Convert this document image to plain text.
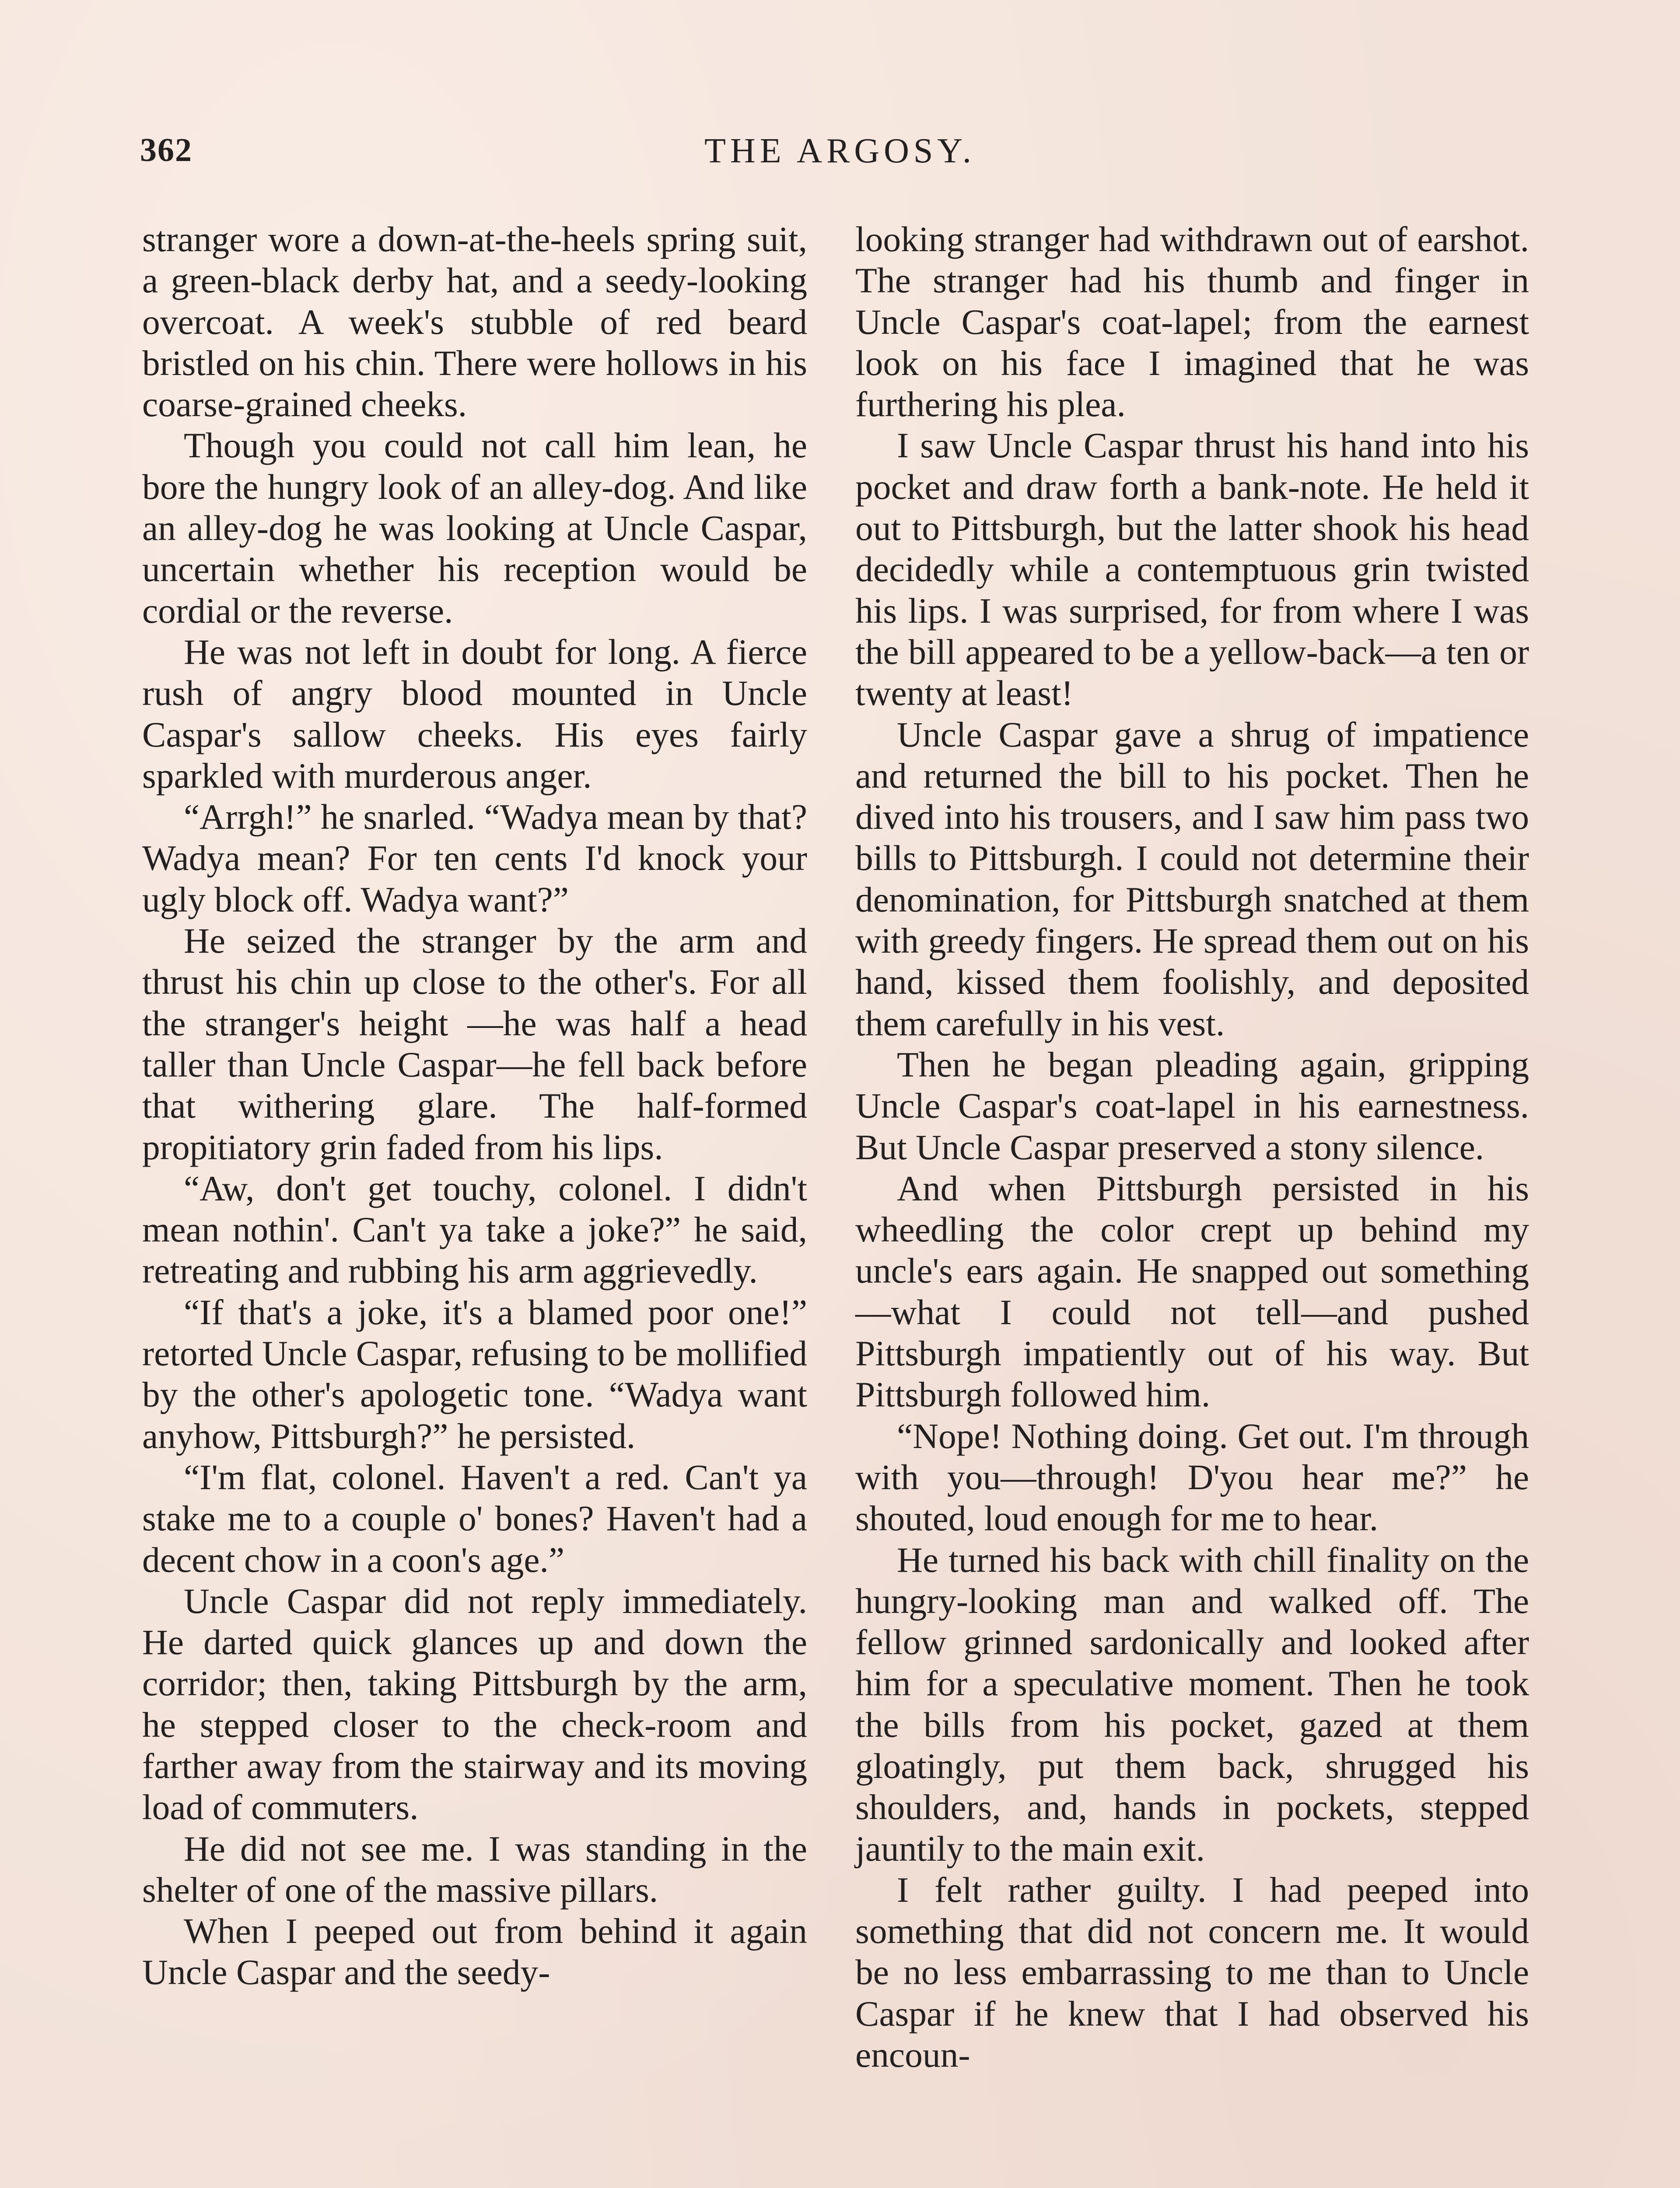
362	THE ARGOSY.

stranger wore a down-at-the-heels spring suit, a green-black derby hat, and a seedy-looking overcoat. A week's stubble of red beard bristled on his chin. There were hollows in his coarse-grained cheeks.

Though you could not call him lean, he bore the hungry look of an alley-dog. And like an alley-dog he was looking at Uncle Caspar, uncertain whether his reception would be cordial or the reverse.

He was not left in doubt for long. A fierce rush of angry blood mounted in Uncle Caspar's sallow cheeks. His eyes fairly sparkled with murderous anger.

“Arrgh!” he snarled. “Wadya mean by that? Wadya mean? For ten cents I'd knock your ugly block off. Wadya want?”

He seized the stranger by the arm and thrust his chin up close to the other's. For all the stranger's height —he was half a head taller than Uncle Caspar—he fell back before that withering glare. The half-formed propitiatory grin faded from his lips.

“Aw, don't get touchy, colonel. I didn't mean nothin'. Can't ya take a joke?” he said, retreating and rubbing his arm aggrievedly.

“If that's a joke, it's a blamed poor one!” retorted Uncle Caspar, refusing to be mollified by the other's apologetic tone. “Wadya want anyhow, Pittsburgh?” he persisted.

“I'm flat, colonel. Haven't a red. Can't ya stake me to a couple o' bones? Haven't had a decent chow in a coon's age.”

Uncle Caspar did not reply immediately. He darted quick glances up and down the corridor; then, taking Pittsburgh by the arm, he stepped closer to the check-room and farther away from the stairway and its moving load of commuters.

He did not see me. I was standing in the shelter of one of the massive pillars.

When I peeped out from behind it again Uncle Caspar and the seedy-

looking stranger had withdrawn out of earshot. The stranger had his thumb and finger in Uncle Caspar's coat-lapel; from the earnest look on his face I imagined that he was furthering his plea.

I saw Uncle Caspar thrust his hand into his pocket and draw forth a bank-note. He held it out to Pittsburgh, but the latter shook his head decidedly while a contemptuous grin twisted his lips. I was surprised, for from where I was the bill appeared to be a yellow-back—a ten or twenty at least!

Uncle Caspar gave a shrug of impatience and returned the bill to his pocket. Then he dived into his trousers, and I saw him pass two bills to Pittsburgh. I could not determine their denomination, for Pittsburgh snatched at them with greedy fingers. He spread them out on his hand, kissed them foolishly, and deposited them carefully in his vest.

Then he began pleading again, gripping Uncle Caspar's coat-lapel in his earnestness. But Uncle Caspar preserved a stony silence.

And when Pittsburgh persisted in his wheedling the color crept up behind my uncle's ears again. He snapped out something—what I could not tell—and pushed Pittsburgh impatiently out of his way. But Pittsburgh followed him.

“Nope! Nothing doing. Get out. I'm through with you—through! D'you hear me?” he shouted, loud enough for me to hear.

He turned his back with chill finality on the hungry-looking man and walked off. The fellow grinned sardonically and looked after him for a speculative moment. Then he took the bills from his pocket, gazed at them gloatingly, put them back, shrugged his shoulders, and, hands in pockets, stepped jauntily to the main exit.

I felt rather guilty. I had peeped into something that did not concern me. It would be no less embarrassing to me than to Uncle Caspar if he knew that I had observed his encoun-
